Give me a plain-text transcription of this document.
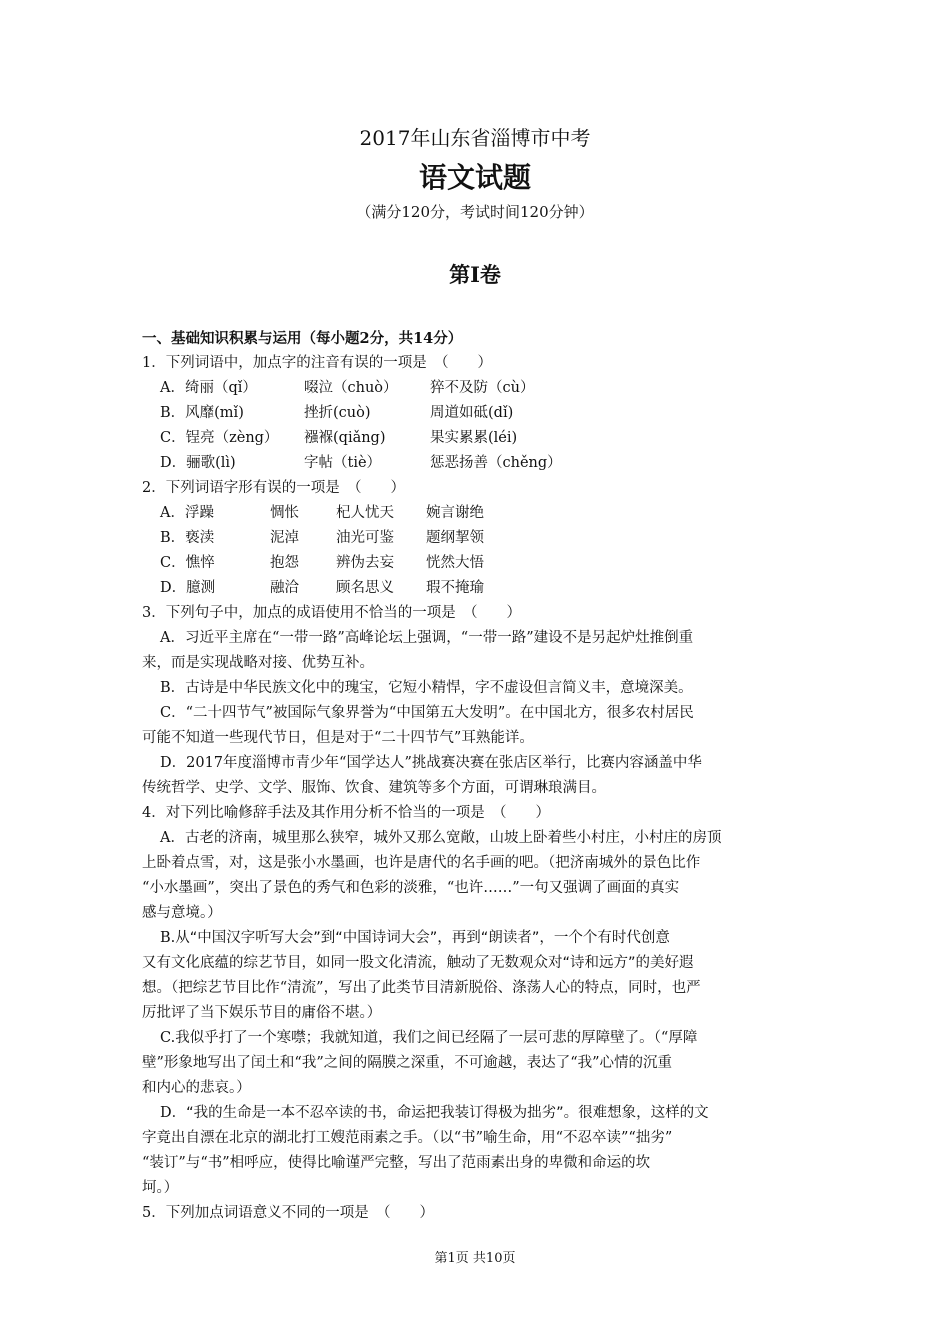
2017年山东省淄博市中考
语文试题
（满分120分，考试时间120分钟）
第I卷
一、基础知识积累与运用（每小题2分，共14分）
1．下列词语中，加点字的注音有误的一项是　（　　）
A．绮丽（qǐ）	啜泣（chuò）	猝不及防（cù）
B．风靡(mǐ)	挫折(cuò)	周道如砥(dǐ)
C．锃亮（zèng）	襁褓(qiǎng)	果实累累(léi)
D．骊歌(lì)	字帖（tiè）	惩恶扬善（chěng）
2．下列词语字形有误的一项是　（　　）
A．浮躁	惆怅	杞人忧天	婉言谢绝
B．亵渎	泥淖	油光可鉴	题纲挈领
C．憔悴	抱怨	辨伪去妄	恍然大悟
D．臆测	融洽	顾名思义	瑕不掩瑜
3．下列句子中，加点的成语使用不恰当的一项是　（　　）
A．习近平主席在“一带一路”高峰论坛上强调，“一带一路”建设不是另起炉灶推倒重
来，而是实现战略对接、优势互补。
B．古诗是中华民族文化中的瑰宝，它短小精悍，字不虚设但言简义丰，意境深美。
C．“二十四节气”被国际气象界誉为“中国第五大发明”。在中国北方，很多农村居民
可能不知道一些现代节日，但是对于“二十四节气”耳熟能详。
D．2017年度淄博市青少年“国学达人”挑战赛决赛在张店区举行，比赛内容涵盖中华
传统哲学、史学、文学、服饰、饮食、建筑等多个方面，可谓琳琅满目。
4．对下列比喻修辞手法及其作用分析不恰当的一项是　（　　）
A．古老的济南，城里那么狭窄，城外又那么宽敞，山坡上卧着些小村庄，小村庄的房顶
上卧着点雪，对，这是张小水墨画，也许是唐代的名手画的吧。（把济南城外的景色比作
“小水墨画”，突出了景色的秀气和色彩的淡雅，“也许……”一句又强调了画面的真实
感与意境。）
B.从“中国汉字听写大会”到“中国诗词大会”，再到“朗读者”，一个个有时代创意
又有文化底蕴的综艺节目，如同一股文化清流，触动了无数观众对“诗和远方”的美好遐
想。（把综艺节目比作“清流”，写出了此类节目清新脱俗、涤荡人心的特点，同时，也严
厉批评了当下娱乐节目的庸俗不堪。）
C.我似乎打了一个寒噤；我就知道，我们之间已经隔了一层可悲的厚障壁了。（“厚障
壁”形象地写出了闰土和“我”之间的隔膜之深重，不可逾越，表达了“我”心情的沉重
和内心的悲哀。）
D．“我的生命是一本不忍卒读的书，命运把我装订得极为拙劣”。很难想象，这样的文
字竟出自漂在北京的湖北打工嫂范雨素之手。（以“书”喻生命，用“不忍卒读”“拙劣”
“装订”与“书”相呼应，使得比喻谨严完整，写出了范雨素出身的卑微和命运的坎
坷。）
5．下列加点词语意义不同的一项是　（　　）
第1页 共10页
